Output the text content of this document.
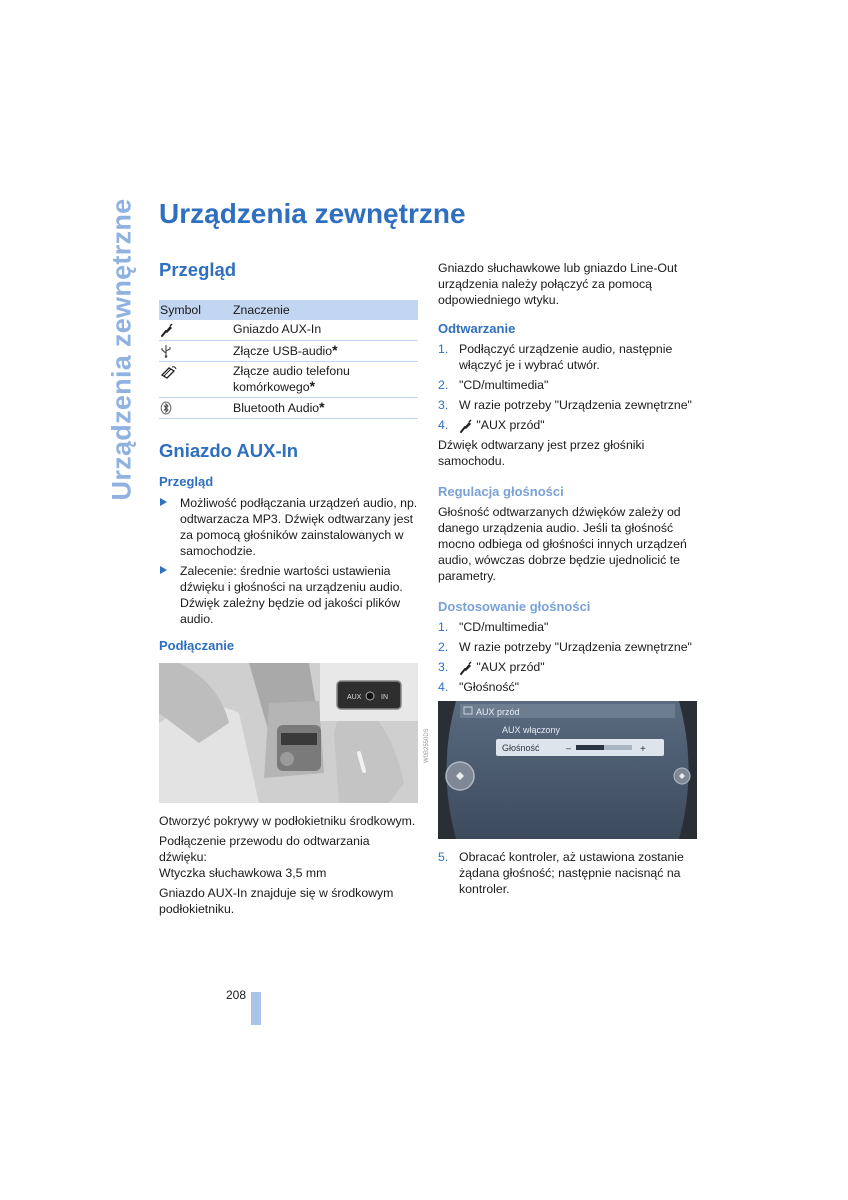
Urządzenia zewnętrzne Urządzenia zewnętrzne
Przegląd
Symbol	Znaczenie
	Gniazdo AUX-In
	Złącze USB-audio*
	Złącze audio telefonu komórkowego*
	Bluetooth Audio*
Gniazdo AUX-In
Przegląd
Możliwość podłączania urządzeń audio, np. odtwarzacza MP3. Dźwięk odtwarzany jest za pomocą głośników zainstalowanych w samochodzie.
Zalecenie: średnie wartości ustawienia dźwięku i głośności na urządzeniu audio. Dźwięk zależny będzie od jakości plików audio.
Podłączanie
AUX	IN
W0B2550DS

Otworzyć pokrywy w podłokietniku środkowym.

Podłączenie przewodu do odtwarzania dźwięku:

Wtyczka słuchawkowa 3,5 mm

Gniazdo AUX-In znajduje się w środkowym podłokietniku.

Gniazdo słuchawkowe lub gniazdo Line-Out urządzenia należy połączyć za pomocą odpowiedniego wtyku.

Odtwarzanie
1. Podłączyć urządzenie audio, następnie włączyć je i wybrać utwór.
2. "CD/multimedia"
3. W razie potrzeby "Urządzenia zewnętrzne"
4. "AUX przód"

Dźwięk odtwarzany jest przez głośniki samochodu.

Regulacja głośności

Głośność odtwarzanych dźwięków zależy od danego urządzenia audio. Jeśli ta głośność mocno odbiega od głośności innych urządzeń audio, wówczas dobrze będzie ujednolicić te parametry.

Dostosowanie głośności
1. "CD/multimedia"
2. W razie potrzeby "Urządzenia zewnętrzne"
3. "AUX przód"
4. "Głośność"
AUX przód
AUX włączony
Głośność	–	+
5. Obracać kontroler, aż ustawiona zostanie żądana głośność; następnie nacisnąć na kontroler.
208
